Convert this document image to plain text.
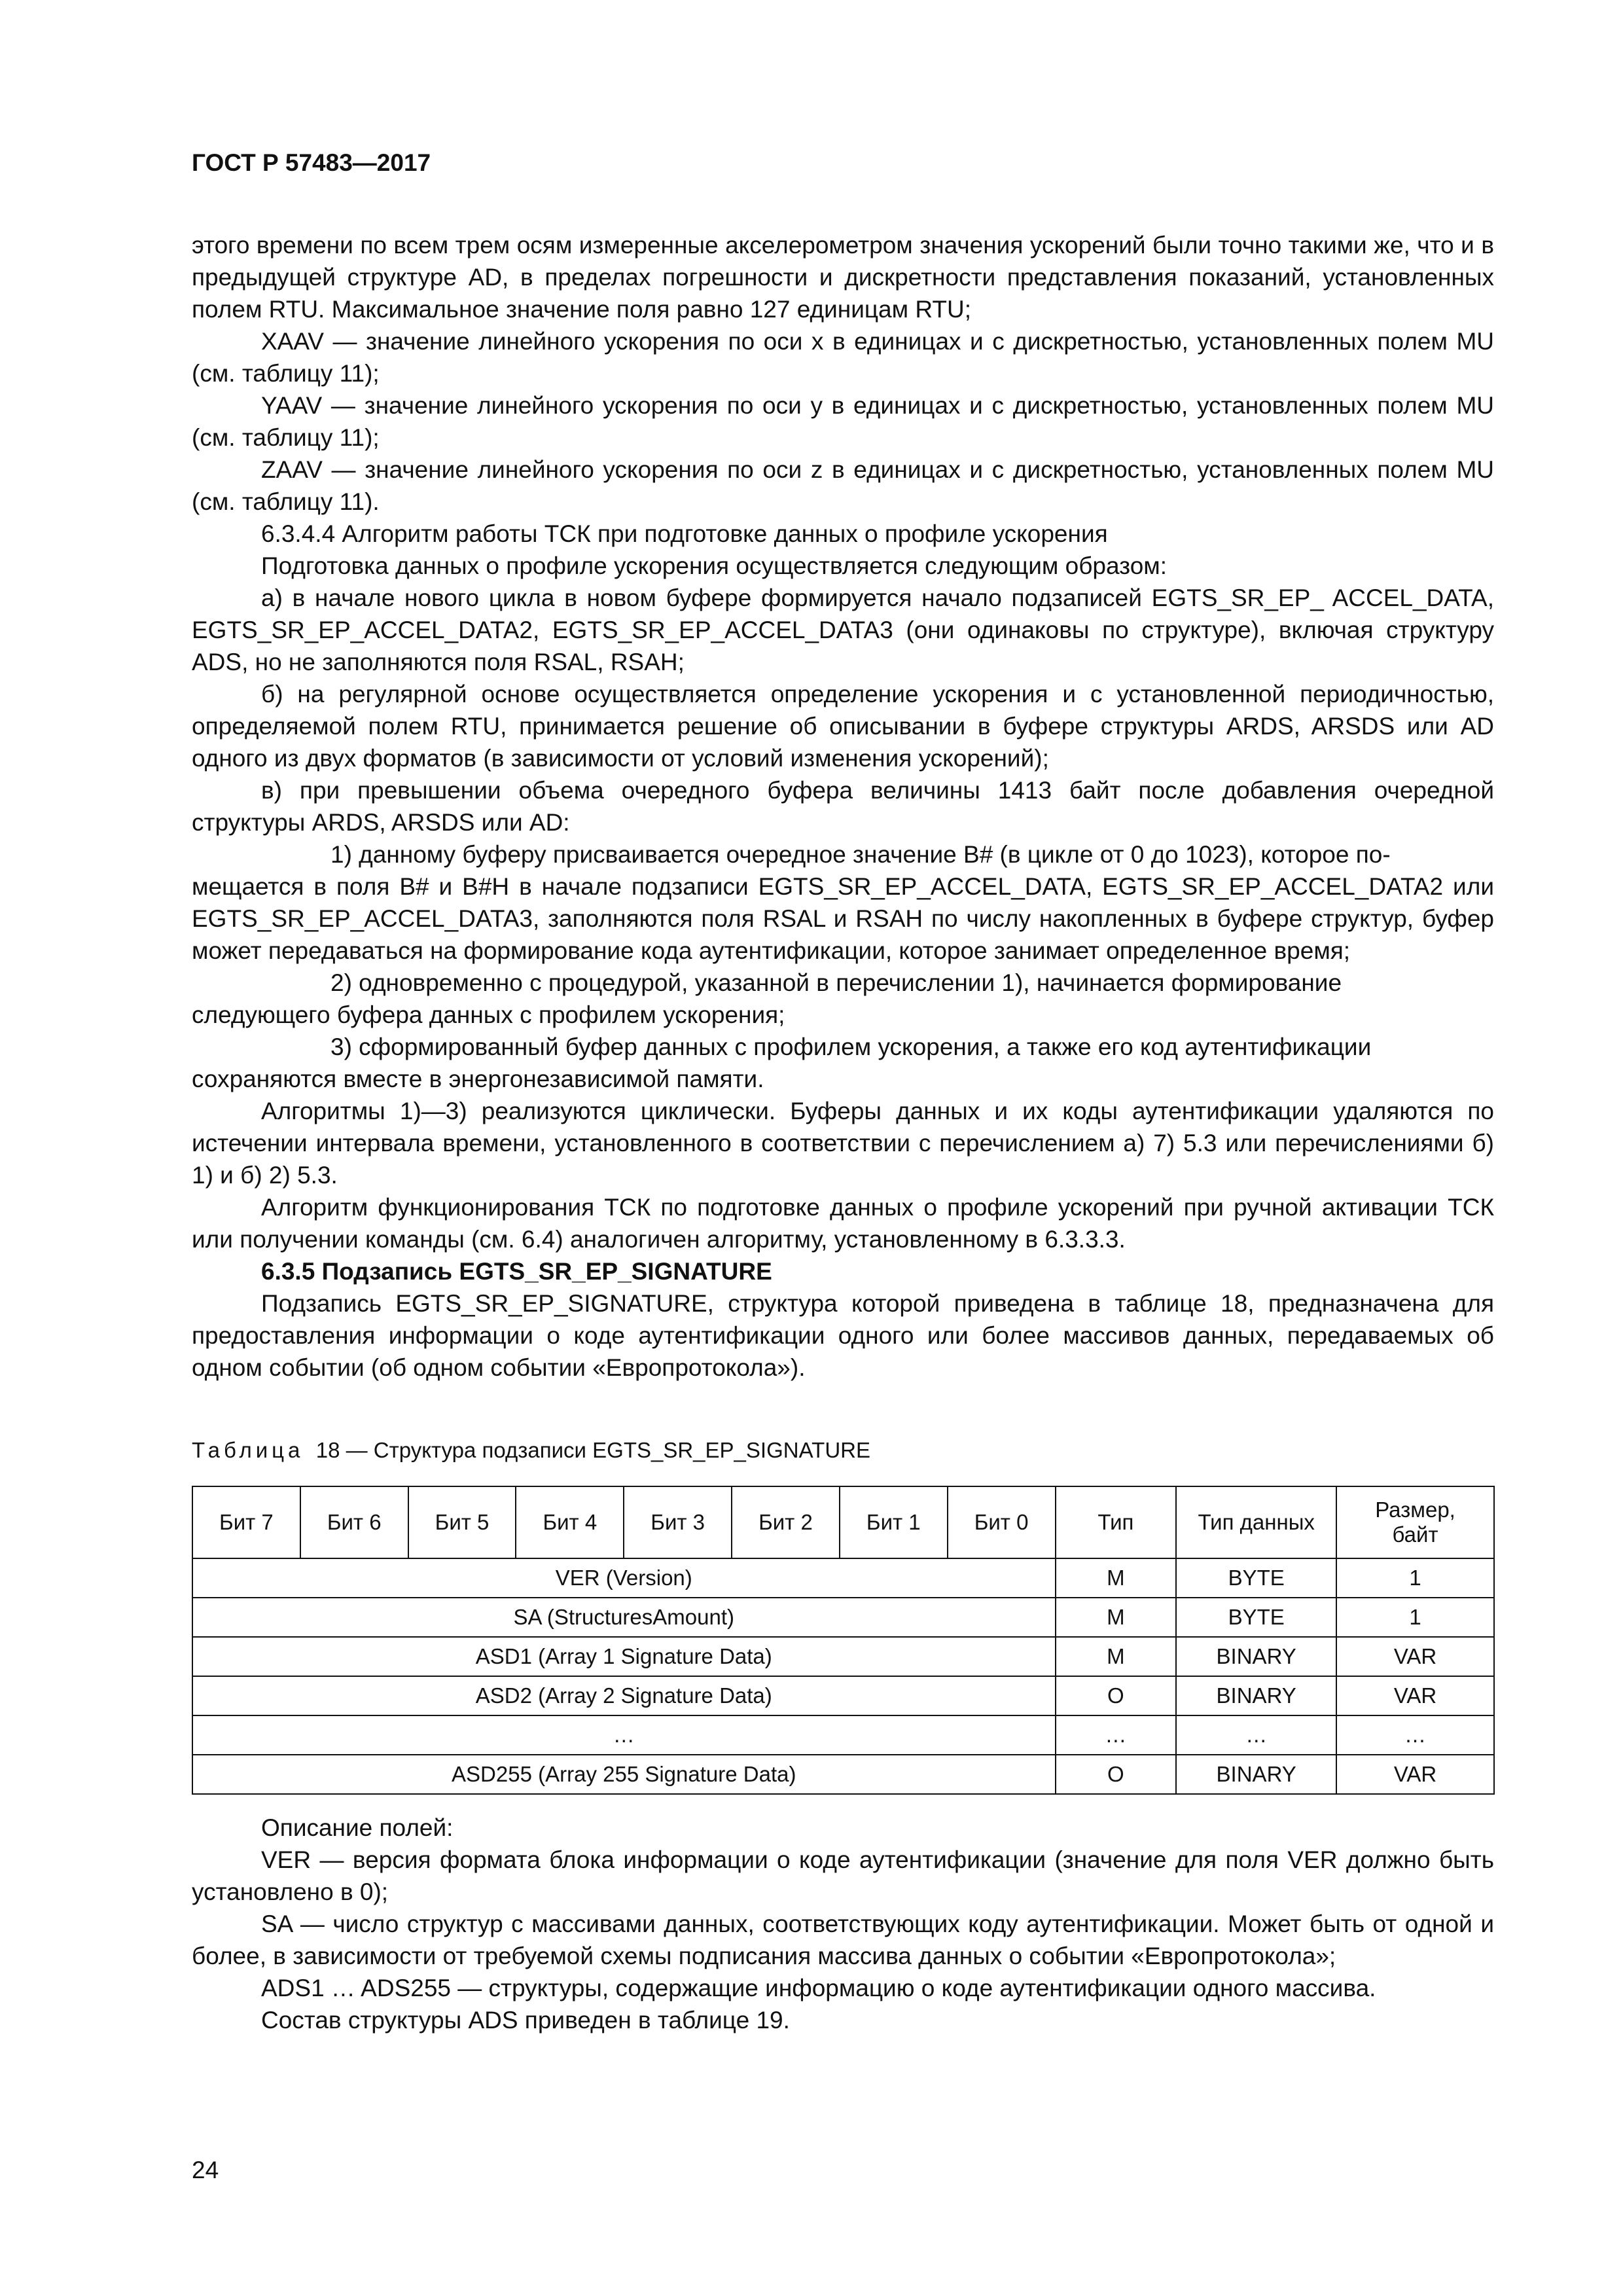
ГОСТ Р 57483—2017

этого времени по всем трем осям измеренные акселерометром значения ускорений были точно такими же, что и в предыдущей структуре AD, в пределах погрешности и дискретности представления показаний, установленных полем RTU. Максимальное значение поля равно 127 единицам RTU;

XAAV — значение линейного ускорения по оси x в единицах и с дискретностью, установленных полем MU (см. таблицу 11);

YAAV — значение линейного ускорения по оси y в единицах и с дискретностью, установленных полем MU (см. таблицу 11);

ZAAV — значение линейного ускорения по оси z в единицах и с дискретностью, установленных полем MU (см. таблицу 11).

6.3.4.4 Алгоритм работы ТСК при подготовке данных о профиле ускорения

Подготовка данных о профиле ускорения осуществляется следующим образом:

а) в начале нового цикла в новом буфере формируется начало подзаписей EGTS_SR_EP_ ACCEL_DATA, EGTS_SR_EP_ACCEL_DATA2, EGTS_SR_EP_ACCEL_DATA3 (они одинаковы по структуре), включая структуру ADS, но не заполняются поля RSAL, RSAH;

б) на регулярной основе осуществляется определение ускорения и с установленной периодичностью, определяемой полем RTU, принимается решение об описывании в буфере структуры ARDS, ARSDS или AD одного из двух форматов (в зависимости от условий изменения ускорений);

в) при превышении объема очередного буфера величины 1413 байт после добавления очередной структуры ARDS, ARSDS или AD:

1) данному буферу присваивается очередное значение B# (в цикле от 0 до 1023), которое по-
мещается в поля B# и B#H в начале подзаписи EGTS_SR_EP_ACCEL_DATA, EGTS_SR_EP_ACCEL_DATA2 или EGTS_SR_EP_ACCEL_DATA3, заполняются поля RSAL и RSAH по числу накопленных в буфере структур, буфер может передаваться на формирование кода аутентификации, которое занимает определенное время;

2) одновременно с процедурой, указанной в перечислении 1), начинается формирование
следующего буфера данных с профилем ускорения;

3) сформированный буфер данных с профилем ускорения, а также его код аутентификации
сохраняются вместе в энергонезависимой памяти.

Алгоритмы 1)—3) реализуются циклически. Буферы данных и их коды аутентификации удаляются по истечении интервала времени, установленного в соответствии с перечислением а) 7) 5.3 или перечислениями б) 1) и б) 2) 5.3.

Алгоритм функционирования ТСК по подготовке данных о профиле ускорений при ручной активации ТСК или получении команды (см. 6.4) аналогичен алгоритму, установленному в 6.3.3.3.

6.3.5 Подзапись EGTS_SR_EP_SIGNATURE

Подзапись EGTS_SR_EP_SIGNATURE, структура которой приведена в таблице 18, предназначена для предоставления информации о коде аутентификации одного или более массивов данных, передаваемых об одном событии (об одном событии «Европротокола»).

Таблица 18 — Структура подзаписи EGTS_SR_EP_SIGNATURE
Бит 7	Бит 6	Бит 5	Бит 4	Бит 3	Бит 2	Бит 1	Бит 0	Тип	Тип данных	Размер, байт
VER (Version)								M	BYTE	1
SA (StructuresAmount)								M	BYTE	1
ASD1 (Array 1 Signature Data)								M	BINARY	VAR
ASD2 (Array 2 Signature Data)								O	BINARY	VAR
…								…	…	…
ASD255 (Array 255 Signature Data)								O	BINARY	VAR

Описание полей:

VER — версия формата блока информации о коде аутентификации (значение для поля VER должно быть установлено в 0);

SA — число структур с массивами данных, соответствующих коду аутентификации. Может быть от одной и более, в зависимости от требуемой схемы подписания массива данных о событии «Европротокола»;

ADS1 … ADS255 — структуры, содержащие информацию о коде аутентификации одного массива.

Состав структуры ADS приведен в таблице 19.

24
